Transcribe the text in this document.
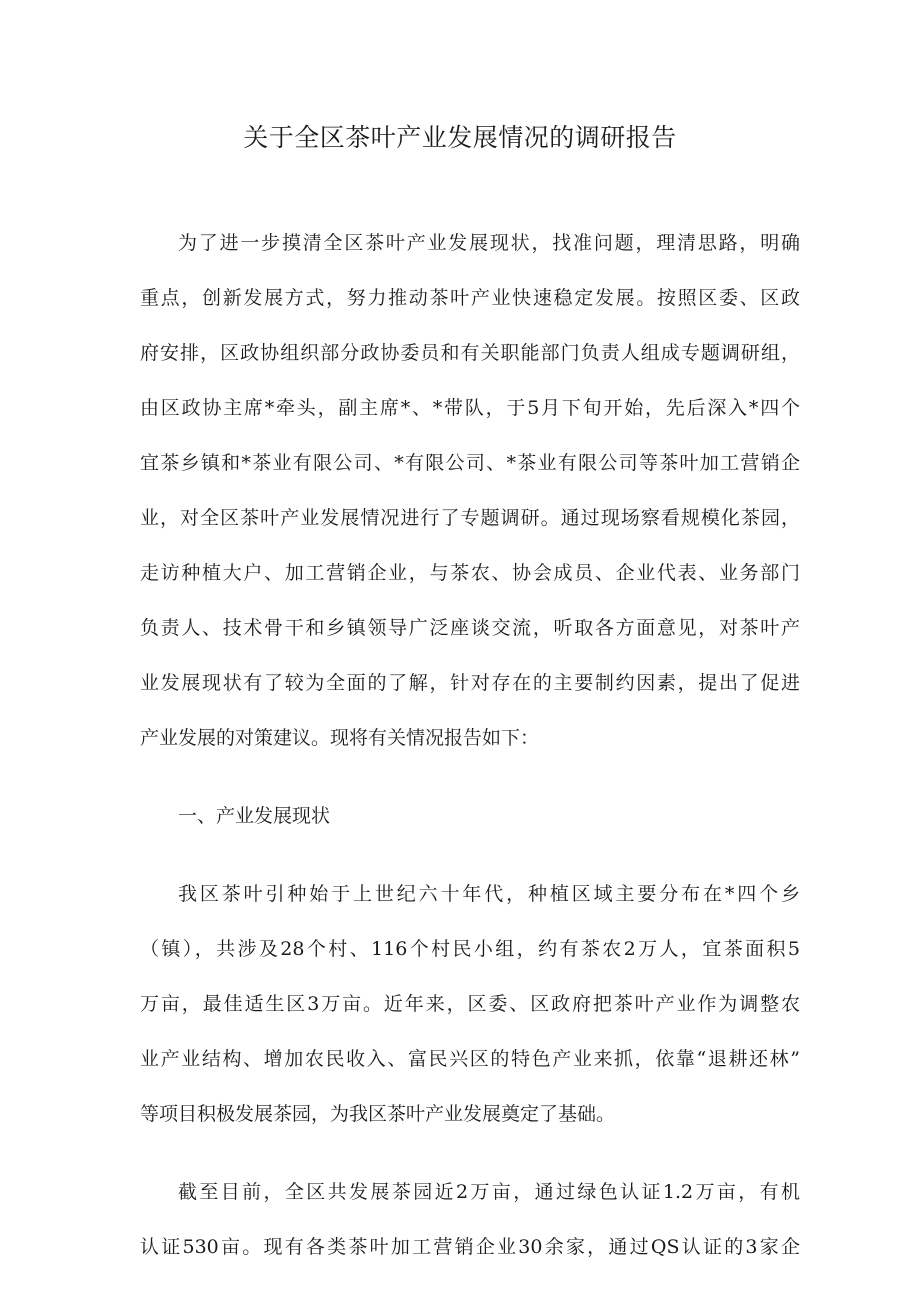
关于全区茶叶产业发展情况的调研报告

为了进一步摸清全区茶叶产业发展现状，找准问题，理清思路，明确

重点，创新发展方式，努力推动茶叶产业快速稳定发展。按照区委、区政

府安排，区政协组织部分政协委员和有关职能部门负责人组成专题调研组，

由区政协主席*牵头，副主席*、*带队，于5月下旬开始，先后深入*四个

宜茶乡镇和*茶业有限公司、*有限公司、*茶业有限公司等茶叶加工营销企

业，对全区茶叶产业发展情况进行了专题调研。通过现场察看规模化茶园，

走访种植大户、加工营销企业，与茶农、协会成员、企业代表、业务部门

负责人、技术骨干和乡镇领导广泛座谈交流，听取各方面意见，对茶叶产

业发展现状有了较为全面的了解，针对存在的主要制约因素，提出了促进

产业发展的对策建议。现将有关情况报告如下：

一、产业发展现状

我区茶叶引种始于上世纪六十年代，种植区域主要分布在*四个乡

（镇），共涉及28个村、116个村民小组，约有茶农2万人，宜茶面积5

万亩，最佳适生区3万亩。近年来，区委、区政府把茶叶产业作为调整农

业产业结构、增加农民收入、富民兴区的特色产业来抓，依靠“退耕还林”

等项目积极发展茶园，为我区茶叶产业发展奠定了基础。

截至目前，全区共发展茶园近2万亩，通过绿色认证1.2万亩，有机

认证530亩。现有各类茶叶加工营销企业30余家，通过QS认证的3家企
